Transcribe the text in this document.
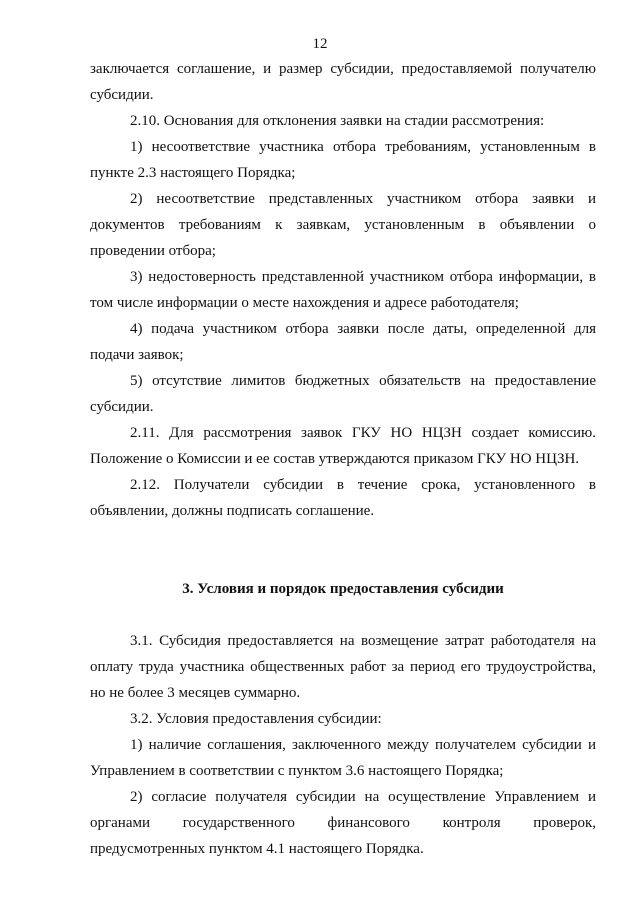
12

заключается соглашение, и размер субсидии, предоставляемой получателю субсидии.

2.10. Основания для отклонения заявки на стадии рассмотрения:

1) несоответствие участника отбора требованиям, установленным в пункте 2.3 настоящего Порядка;

2) несоответствие представленных участником отбора заявки и документов требованиям к заявкам, установленным в объявлении о проведении отбора;

3) недостоверность представленной участником отбора информации, в том числе информации о месте нахождения и адресе работодателя;

4) подача участником отбора заявки после даты, определенной для подачи заявок;

5) отсутствие лимитов бюджетных обязательств на предоставление субсидии.

2.11. Для рассмотрения заявок ГКУ НО НЦЗН создает комиссию. Положение о Комиссии и ее состав утверждаются приказом ГКУ НО НЦЗН.

2.12. Получатели субсидии в течение срока, установленного в объявлении, должны подписать соглашение.

3. Условия и порядок предоставления субсидии

3.1. Субсидия предоставляется на возмещение затрат работодателя на оплату труда участника общественных работ за период его трудоустройства, но не более 3 месяцев суммарно.

3.2. Условия предоставления субсидии:

1) наличие соглашения, заключенного между получателем субсидии и Управлением в соответствии с пунктом 3.6 настоящего Порядка;

2) согласие получателя субсидии на осуществление Управлением и органами государственного финансового контроля проверок, предусмотренных пунктом 4.1 настоящего Порядка.
